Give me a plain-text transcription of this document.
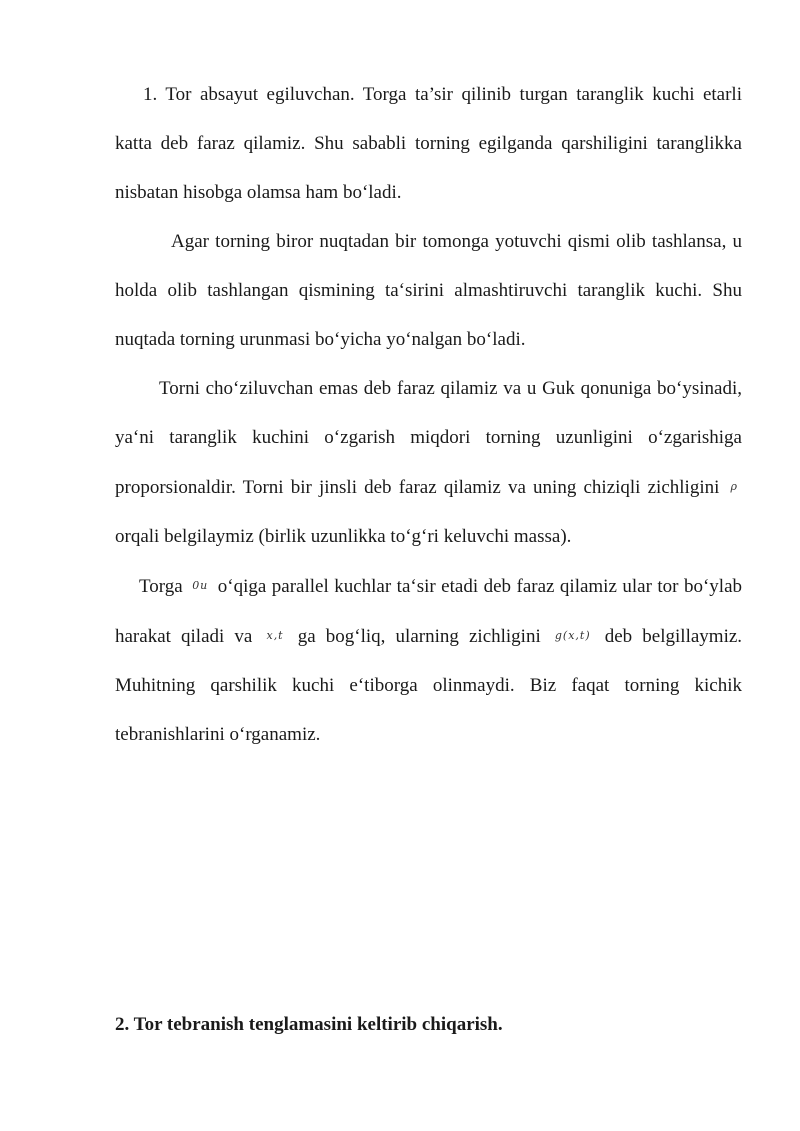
1. Tor absayut egiluvchan. Torga ta’sir qilinib turgan taranglik kuchi etarli katta deb faraz qilamiz. Shu sababli torning egilganda qarshiligini taranglikka nisbatan hisobga olamsa ham bo‘ladi.

Agar torning biror nuqtadan bir tomonga yotuvchi qismi olib tashlansa, u holda olib tashlangan qismining ta‘sirini almashtiruvchi taranglik kuchi. Shu nuqtada torning urunmasi bo‘yicha yo‘nalgan bo‘ladi.

Torni cho‘ziluvchan emas deb faraz qilamiz va u Guk qonuniga bo‘ysinadi, ya‘ni taranglik kuchini o‘zgarish miqdori torning uzunligini o‘zgarishiga proporsionaldir. Torni bir jinsli deb faraz qilamiz va uning chiziqli zichligini ρ orqali belgilaymiz (birlik uzunlikka to‘g‘ri keluvchi massa).

Torga 0u o‘qiga parallel kuchlar ta‘sir etadi deb faraz qilamiz ular tor bo‘ylab harakat qiladi va x,t ga bog‘liq, ularning zichligini g(x,t) deb belgillaymiz. Muhitning qarshilik kuchi e‘tiborga olinmaydi. Biz faqat torning kichik tebranishlarini o‘rganamiz.

2. Tor tebranish tenglamasini keltirib chiqarish.
